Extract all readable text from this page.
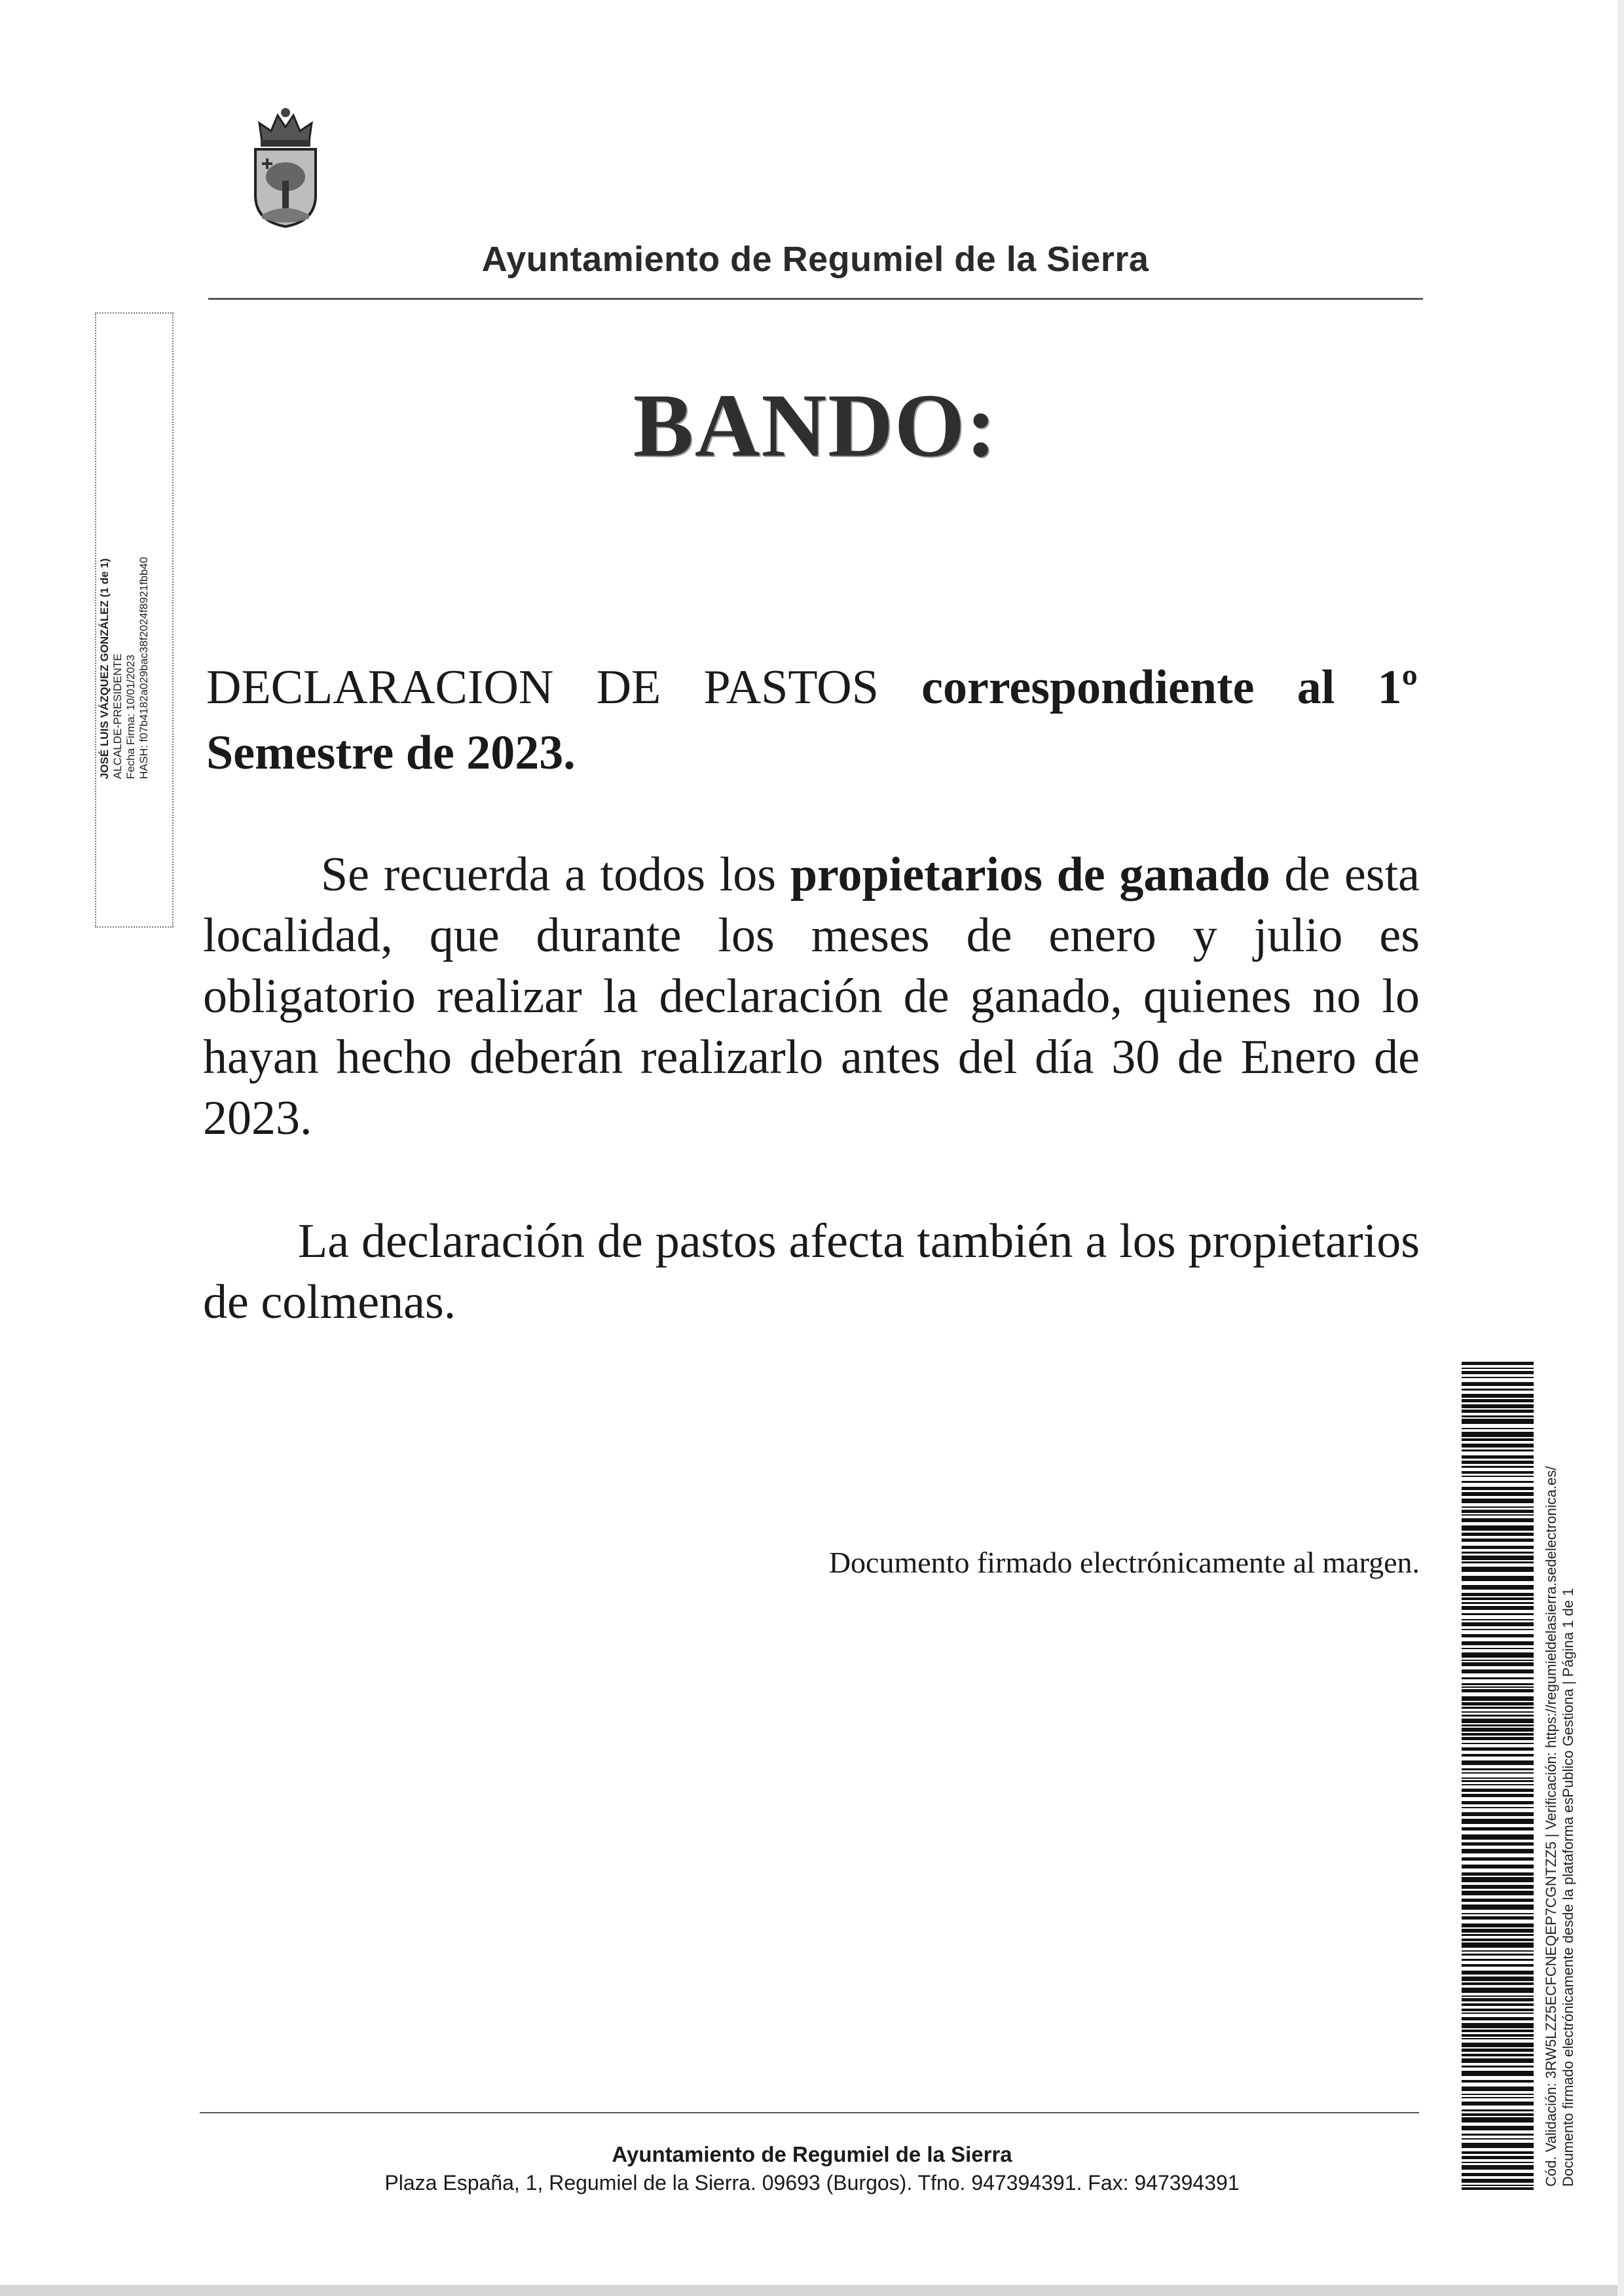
Ayuntamiento de Regumiel de la Sierra
BANDO:
DECLARACION DE PASTOS correspondiente al 1º Semestre de 2023.
Se recuerda a todos los propietarios de ganado de esta localidad, que durante los meses de enero y julio es obligatorio realizar la declaración de ganado, quienes no lo hayan hecho deberán realizarlo antes del día 30 de Enero de 2023.
La declaración de pastos afecta también a los propietarios de colmenas.
Documento firmado electrónicamente al margen.
JOSÉ LUIS VÁZQUEZ GONZÁLEZ (1 de 1) ALCALDE-PRESIDENTE Fecha Firma: 10/01/2023 HASH: f07b4182a029bac38f2024f8921fbb40
Cód. Validación: 3RW5LZZ5ECFCNEQEP7CGNTZZ5 | Verificación: https://regumieldelasierra.sedelectronica.es/ Documento firmado electrónicamente desde la plataforma esPublico Gestiona | Página 1 de 1
Ayuntamiento de Regumiel de la Sierra
Plaza España, 1, Regumiel de la Sierra. 09693 (Burgos). Tfno. 947394391. Fax: 947394391
